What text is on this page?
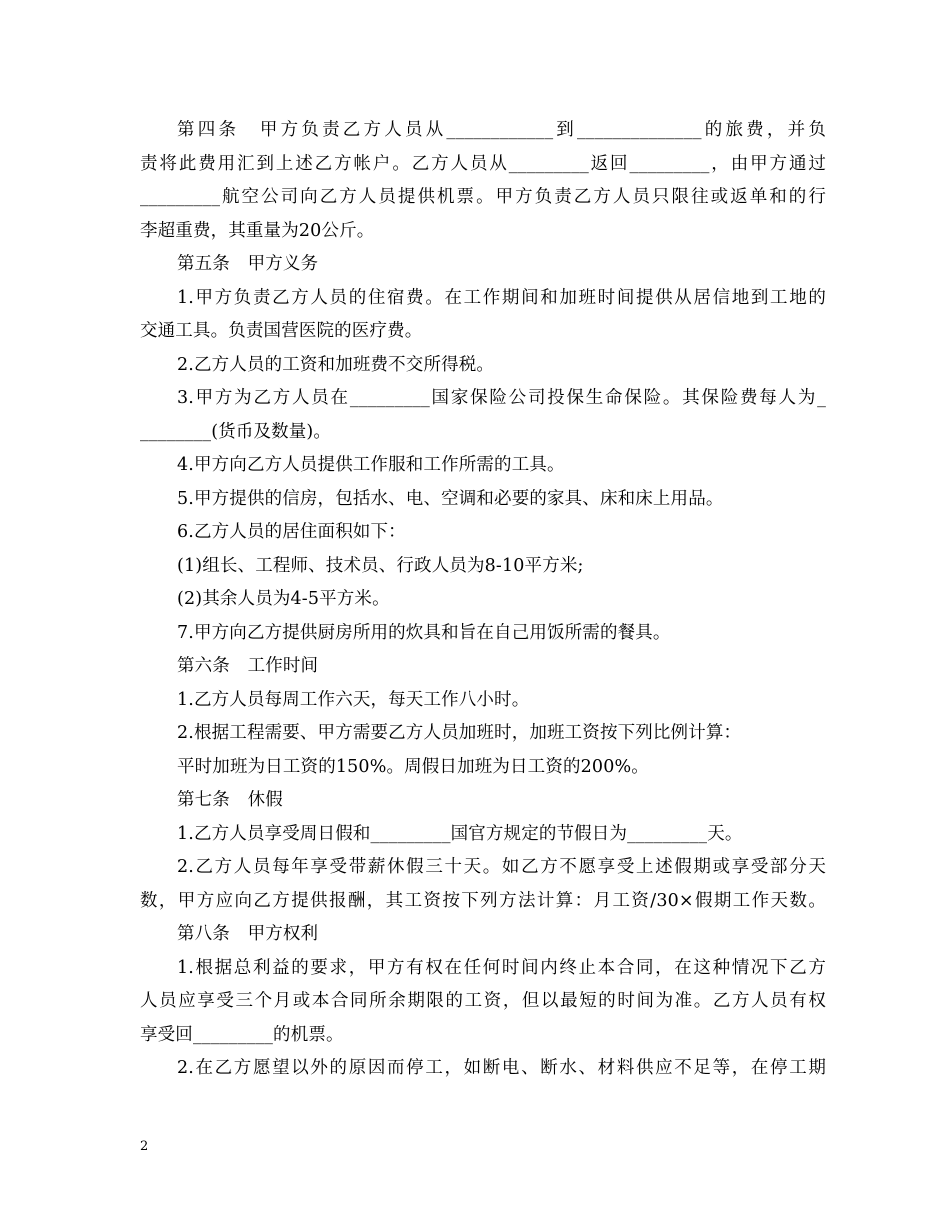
第四条　甲方负责乙方人员从____________到______________的旅费，并负
责将此费用汇到上述乙方帐户。乙方人员从_________返回_________，由甲方通过
_________航空公司向乙方人员提供机票。甲方负责乙方人员只限往或返单和的行
李超重费，其重量为20公斤。
第五条　甲方义务
1.甲方负责乙方人员的住宿费。在工作期间和加班时间提供从居信地到工地的
交通工具。负责国营医院的医疗费。
2.乙方人员的工资和加班费不交所得税。
3.甲方为乙方人员在_________国家保险公司投保生命保险。其保险费每人为_
________(货币及数量)。
4.甲方向乙方人员提供工作服和工作所需的工具。
5.甲方提供的信房，包括水、电、空调和必要的家具、床和床上用品。
6.乙方人员的居住面积如下：
(1)组长、工程师、技术员、行政人员为8-10平方米;
(2)其余人员为4-5平方米。
7.甲方向乙方提供厨房所用的炊具和旨在自己用饭所需的餐具。
第六条　工作时间
1.乙方人员每周工作六天，每天工作八小时。
2.根据工程需要、甲方需要乙方人员加班时，加班工资按下列比例计算：
平时加班为日工资的150%。周假日加班为日工资的200%。
第七条　休假
1.乙方人员享受周日假和_________国官方规定的节假日为_________天。
2.乙方人员每年享受带薪休假三十天。如乙方不愿享受上述假期或享受部分天
数，甲方应向乙方提供报酬，其工资按下列方法计算：月工资/30×假期工作天数。
第八条　甲方权利
1.根据总利益的要求，甲方有权在任何时间内终止本合同，在这种情况下乙方
人员应享受三个月或本合同所余期限的工资，但以最短的时间为准。乙方人员有权
享受回_________的机票。
2.在乙方愿望以外的原因而停工，如断电、断水、材料供应不足等，在停工期
2
